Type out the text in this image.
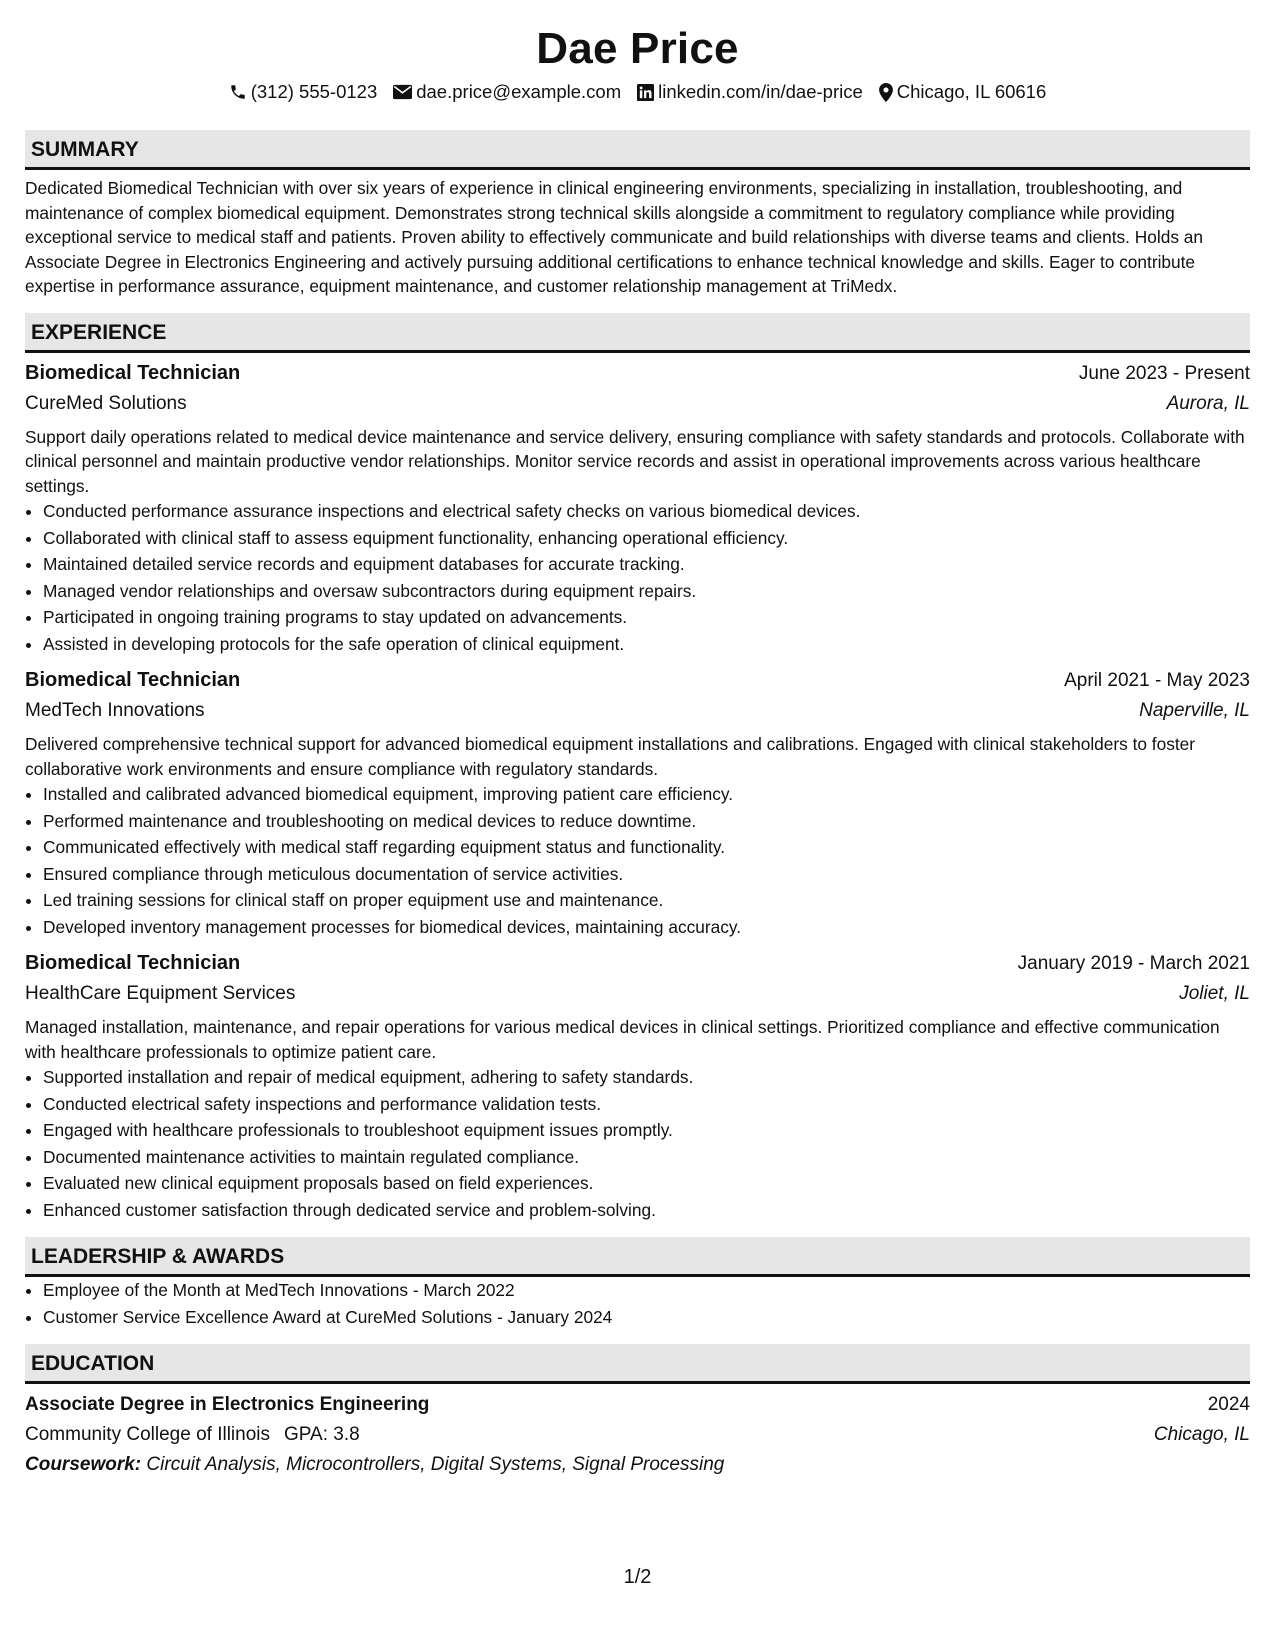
Dae Price
(312) 555-0123 dae.price@example.com linkedin.com/in/dae-price Chicago, IL 60616
SUMMARY
Dedicated Biomedical Technician with over six years of experience in clinical engineering environments, specializing in installation, troubleshooting, and maintenance of complex biomedical equipment. Demonstrates strong technical skills alongside a commitment to regulatory compliance while providing exceptional service to medical staff and patients. Proven ability to effectively communicate and build relationships with diverse teams and clients. Holds an Associate Degree in Electronics Engineering and actively pursuing additional certifications to enhance technical knowledge and skills. Eager to contribute expertise in performance assurance, equipment maintenance, and customer relationship management at TriMedx.
EXPERIENCE
Biomedical Technician	June 2023 - Present
CureMed Solutions	Aurora, IL
Support daily operations related to medical device maintenance and service delivery, ensuring compliance with safety standards and protocols. Collaborate with clinical personnel and maintain productive vendor relationships. Monitor service records and assist in operational improvements across various healthcare settings.
• Conducted performance assurance inspections and electrical safety checks on various biomedical devices.
• Collaborated with clinical staff to assess equipment functionality, enhancing operational efficiency.
• Maintained detailed service records and equipment databases for accurate tracking.
• Managed vendor relationships and oversaw subcontractors during equipment repairs.
• Participated in ongoing training programs to stay updated on advancements.
• Assisted in developing protocols for the safe operation of clinical equipment.
Biomedical Technician	April 2021 - May 2023
MedTech Innovations	Naperville, IL
Delivered comprehensive technical support for advanced biomedical equipment installations and calibrations. Engaged with clinical stakeholders to foster collaborative work environments and ensure compliance with regulatory standards.
• Installed and calibrated advanced biomedical equipment, improving patient care efficiency.
• Performed maintenance and troubleshooting on medical devices to reduce downtime.
• Communicated effectively with medical staff regarding equipment status and functionality.
• Ensured compliance through meticulous documentation of service activities.
• Led training sessions for clinical staff on proper equipment use and maintenance.
• Developed inventory management processes for biomedical devices, maintaining accuracy.
Biomedical Technician	January 2019 - March 2021
HealthCare Equipment Services	Joliet, IL
Managed installation, maintenance, and repair operations for various medical devices in clinical settings. Prioritized compliance and effective communication with healthcare professionals to optimize patient care.
• Supported installation and repair of medical equipment, adhering to safety standards.
• Conducted electrical safety inspections and performance validation tests.
• Engaged with healthcare professionals to troubleshoot equipment issues promptly.
• Documented maintenance activities to maintain regulated compliance.
• Evaluated new clinical equipment proposals based on field experiences.
• Enhanced customer satisfaction through dedicated service and problem-solving.
LEADERSHIP & AWARDS
• Employee of the Month at MedTech Innovations - March 2022
• Customer Service Excellence Award at CureMed Solutions - January 2024
EDUCATION
Associate Degree in Electronics Engineering	2024
Community College of Illinois GPA: 3.8	Chicago, IL
Coursework: Circuit Analysis, Microcontrollers, Digital Systems, Signal Processing
1/2
